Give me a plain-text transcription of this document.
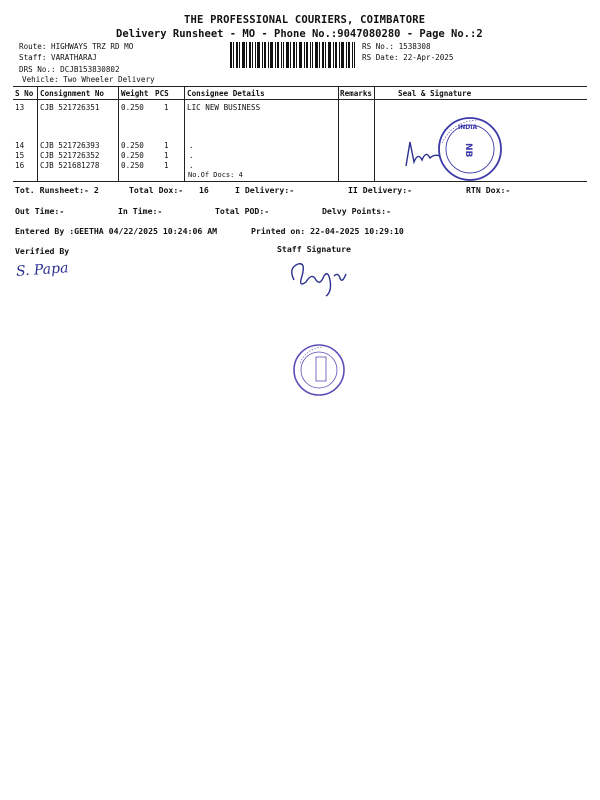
THE PROFESSIONAL COURIERS, COIMBATORE
Delivery Runsheet - MO - Phone No.:9047080280 - Page No.:2
Route: HIGHWAYS TRZ RD MO
Staff: VARATHARAJ
DRS No.: DCJB153830802
Vehicle: Two Wheeler Delivery
RS No.: 1538308
RS Date: 22-Apr-2025
S No Consignment No Weight PCS Consignee Details	Remarks	Seal & Signature
13 CJB 521726351	0.250	1 LIC NEW BUSINESS
14 CJB 521726393	0.250	1	.
15 CJB 521726352	0.250	1	.
16 CJB 521681278	0.250	1	.
No.Of Docs: 4
INDIA
NB
Tot. Runsheet:- 2	Total Dox:- 16	I Delivery:-	II Delivery:-	RTN Dox:-
Out Time:-	In Time:-	Total POD:-	Delvy Points:-
Entered By :GEETHA 04/22/2025 10:24:06 AM	Printed on: 22-04-2025 10:29:10
Verified By	Staff Signature
S. Papa
